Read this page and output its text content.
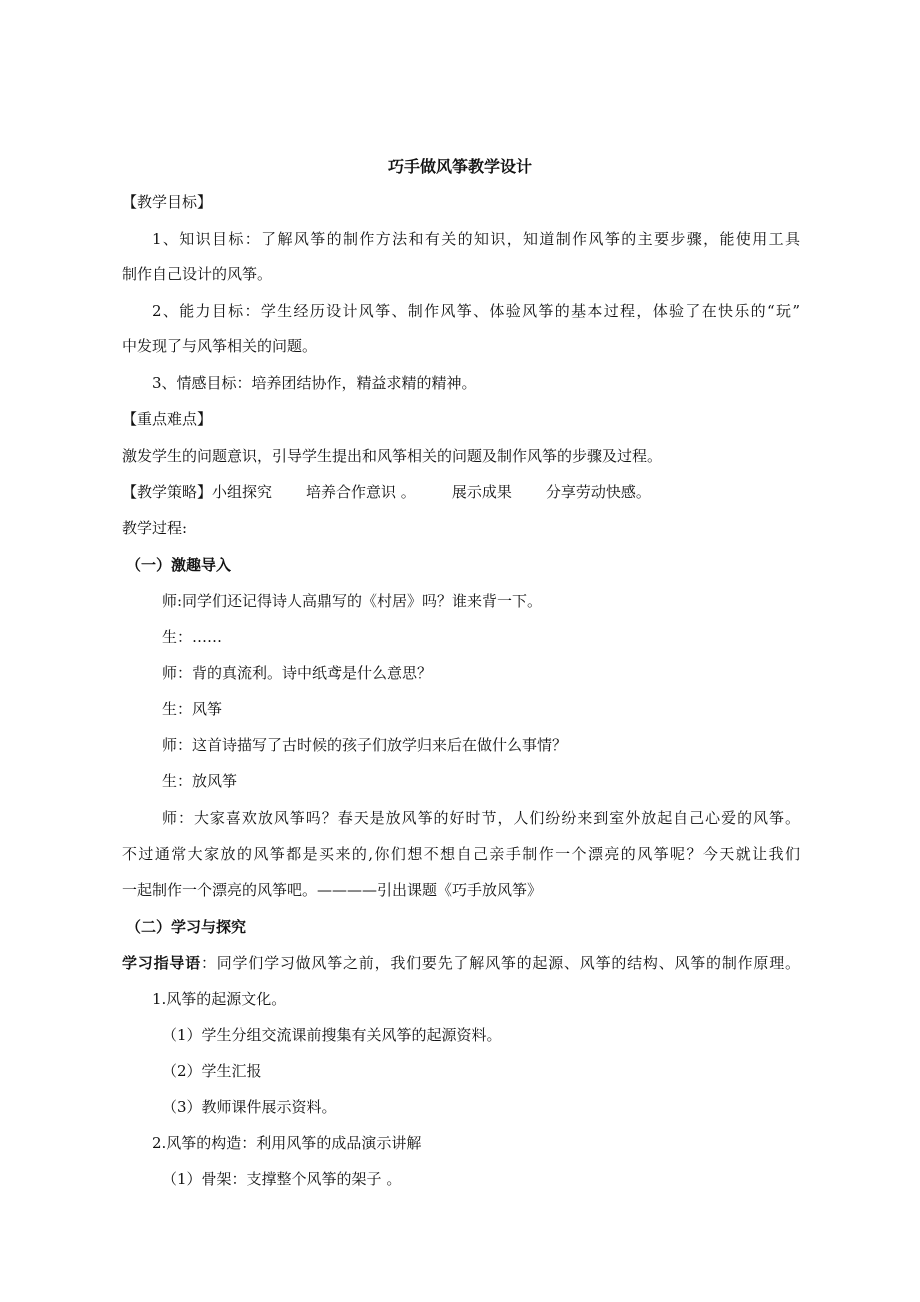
巧手做风筝教学设计

【教学目标】

1、知识目标：了解风筝的制作方法和有关的知识，知道制作风筝的主要步骤，能使用工具

制作自己设计的风筝。

2、能力目标：学生经历设计风筝、制作风筝、体验风筝的基本过程，体验了在快乐的“玩”

中发现了与风筝相关的问题。

3、情感目标：培养团结协作，精益求精的精神。

【重点难点】

激发学生的问题意识，引导学生提出和风筝相关的问题及制作风筝的步骤及过程。

【教学策略】小组探究 培养合作意识 。 展示成果 分享劳动快感。

教学过程:

（一）激趣导入

师:同学们还记得诗人高鼎写的《村居》吗？谁来背一下。

生：……

师：背的真流利。诗中纸鸢是什么意思？

生：风筝

师：这首诗描写了古时候的孩子们放学归来后在做什么事情？

生：放风筝

师：大家喜欢放风筝吗？春天是放风筝的好时节，人们纷纷来到室外放起自己心爱的风筝。

不过通常大家放的风筝都是买来的,你们想不想自己亲手制作一个漂亮的风筝呢？今天就让我们

一起制作一个漂亮的风筝吧。————引出课题《巧手放风筝》

（二）学习与探究

学习指导语：同学们学习做风筝之前，我们要先了解风筝的起源、风筝的结构、风筝的制作原理。

1.风筝的起源文化。

（1）学生分组交流课前搜集有关风筝的起源资料。

（2）学生汇报

（3）教师课件展示资料。

2.风筝的构造：利用风筝的成品演示讲解

（1）骨架：支撑整个风筝的架子 。
